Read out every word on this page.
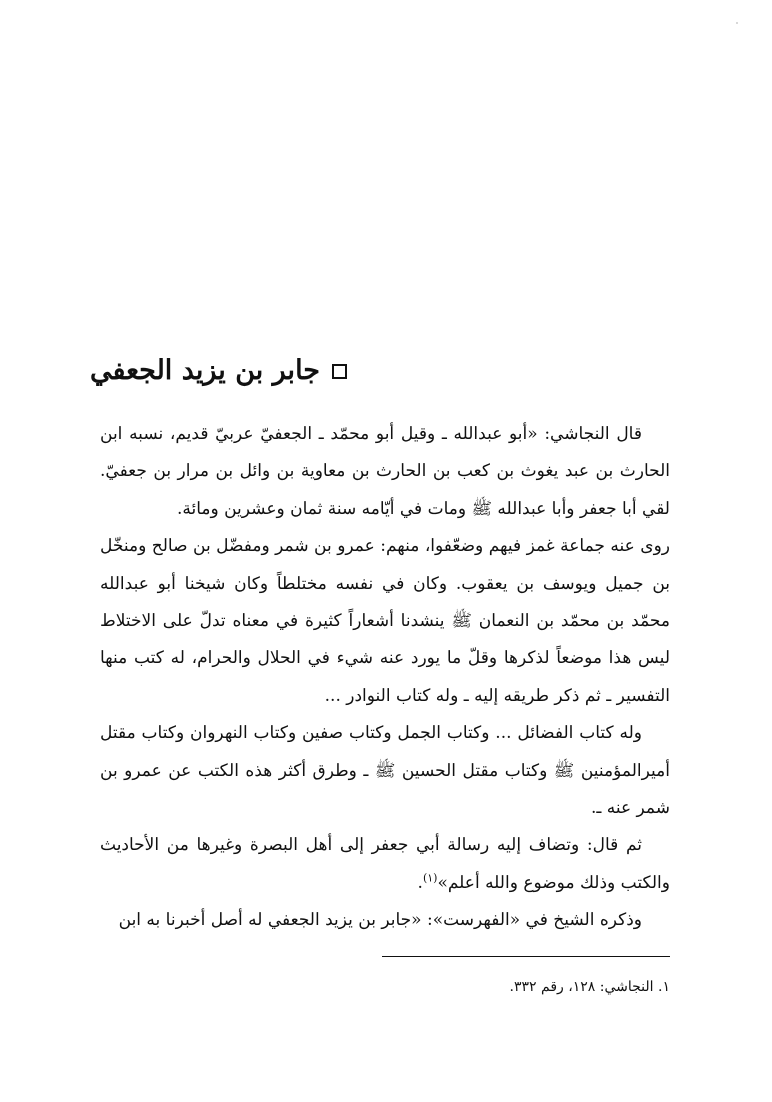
جابر بن يزيد الجعفي

قال النجاشي: «أبو عبدالله ـ وقيل أبو محمّد ـ الجعفيّ عربيّ قديم، نسبه ابن الحارث بن عبد يغوث بن كعب بن الحارث بن معاوية بن وائل بن مرار بن جعفيّ. لقي أبا جعفر وأبا عبدالله ﷺ ومات في أيّامه سنة ثمان وعشرين ومائة.

روى عنه جماعة غمز فيهم وضعّفوا، منهم: عمرو بن شمر ومفضّل بن صالح ومنخّل بن جميل ويوسف بن يعقوب. وكان في نفسه مختلطاً وكان شيخنا أبو عبدالله محمّد بن محمّد بن النعمان ﷺ ينشدنا أشعاراً كثيرة في معناه تدلّ على الاختلاط ليس هذا موضعاً لذكرها وقلّ ما يورد عنه شيء في الحلال والحرام، له كتب منها التفسير ـ ثم ذكر طريقه إليه ـ وله كتاب النوادر ...

وله كتاب الفضائل ... وكتاب الجمل وكتاب صفين وكتاب النهروان وكتاب مقتل أميرالمؤمنين ﷺ وكتاب مقتل الحسين ﷺ ـ وطرق أكثر هذه الكتب عن عمرو بن شمر عنه ـ.

ثم قال: وتضاف إليه رسالة أبي جعفر إلى أهل البصرة وغيرها من الأحاديث والكتب وذلك موضوع والله أعلم»$^{(١)}$.

وذكره الشيخ في «الفهرست»: «جابر بن يزيد الجعفي له أصل أخبرنا به ابن

١. النجاشي: ١٢٨، رقم ٣٣٢.
